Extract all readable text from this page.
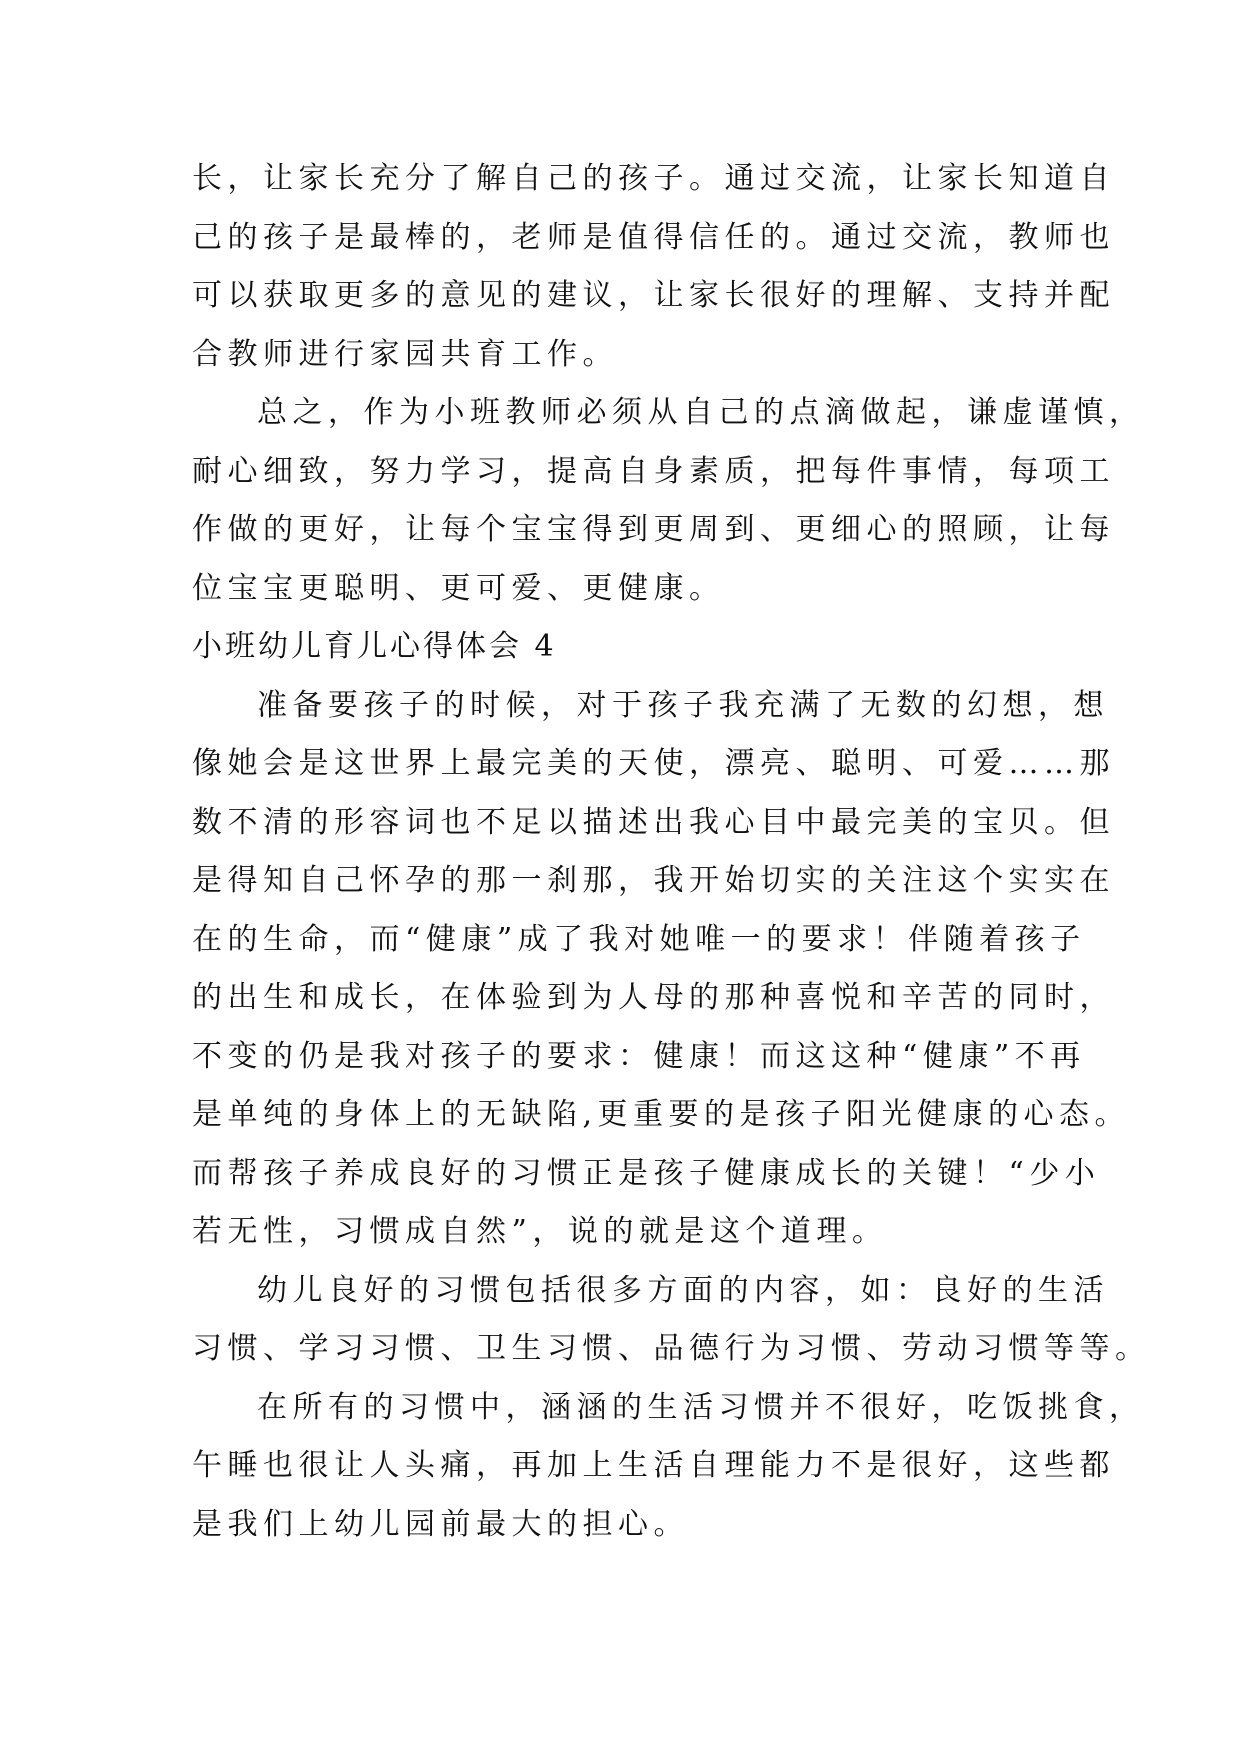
长，让家长充分了解自己的孩子。通过交流，让家长知道自
己的孩子是最棒的，老师是值得信任的。通过交流，教师也
可以获取更多的意见的建议，让家长很好的理解、支持并配
合教师进行家园共育工作。
总之，作为小班教师必须从自己的点滴做起，谦虚谨慎，
耐心细致，努力学习，提高自身素质，把每件事情，每项工
作做的更好，让每个宝宝得到更周到、更细心的照顾，让每
位宝宝更聪明、更可爱、更健康。
小班幼儿育儿心得体会 4
准备要孩子的时候，对于孩子我充满了无数的幻想，想
像她会是这世界上最完美的天使，漂亮、聪明、可爱……那
数不清的形容词也不足以描述出我心目中最完美的宝贝。但
是得知自己怀孕的那一刹那，我开始切实的关注这个实实在
在的生命，而“健康”成了我对她唯一的要求！伴随着孩子
的出生和成长，在体验到为人母的那种喜悦和辛苦的同时，
不变的仍是我对孩子的要求：健康！而这这种“健康”不再
是单纯的身体上的无缺陷,更重要的是孩子阳光健康的心态。
而帮孩子养成良好的习惯正是孩子健康成长的关键！“少小
若无性，习惯成自然”，说的就是这个道理。
幼儿良好的习惯包括很多方面的内容，如：良好的生活
习惯、学习习惯、卫生习惯、品德行为习惯、劳动习惯等等。
在所有的习惯中，涵涵的生活习惯并不很好，吃饭挑食，
午睡也很让人头痛，再加上生活自理能力不是很好，这些都
是我们上幼儿园前最大的担心。
